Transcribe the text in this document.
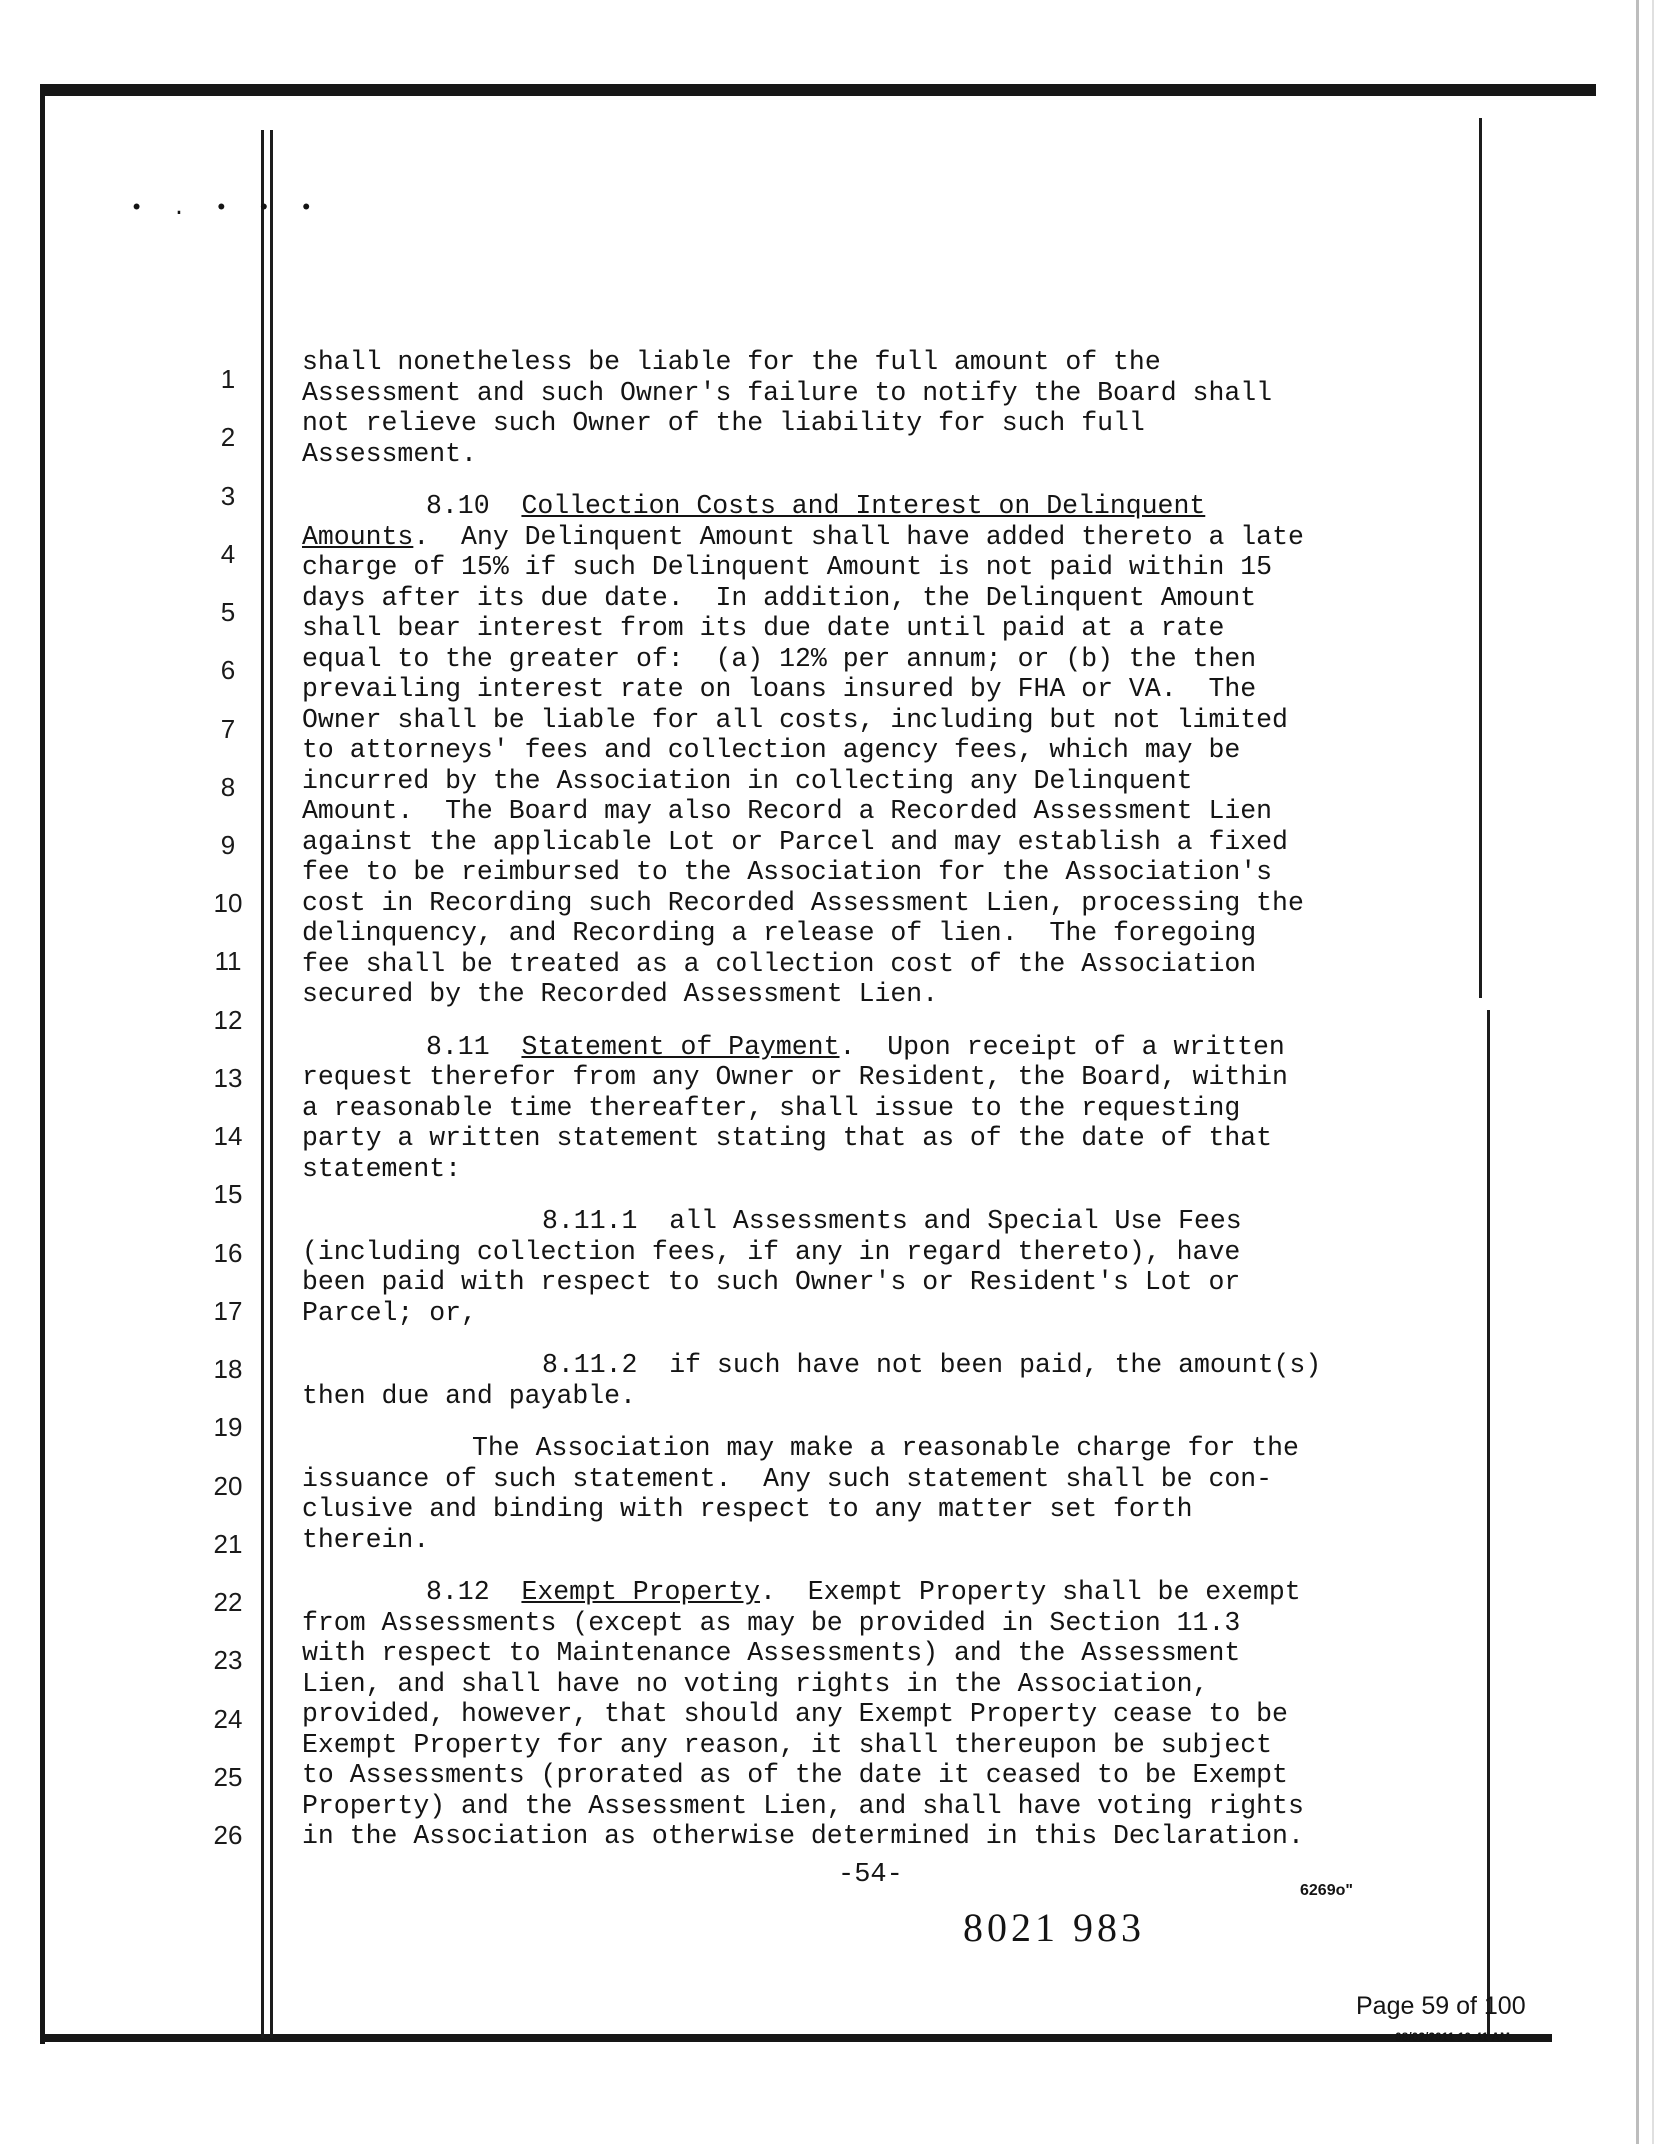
• . • • •
1
2
3
4
5
6
7
8
9
10
11
12
13
14
15
16
17
18
19
20
21
22
23
24
25
26

shall nonetheless be liable for the full amount of the

Assessment and such Owner's failure to notify the Board shall

not relieve such Owner of the liability for such full

Assessment.

8.10 Collection Costs and Interest on Delinquent

Amounts.  Any Delinquent Amount shall have added thereto a late

charge of 15% if such Delinquent Amount is not paid within 15

days after its due date.  In addition, the Delinquent Amount

shall bear interest from its due date until paid at a rate

equal to the greater of:  (a) 12% per annum; or (b) the then

prevailing interest rate on loans insured by FHA or VA.  The

Owner shall be liable for all costs, including but not limited

to attorneys' fees and collection agency fees, which may be

incurred by the Association in collecting any Delinquent

Amount.  The Board may also Record a Recorded Assessment Lien

against the applicable Lot or Parcel and may establish a fixed

fee to be reimbursed to the Association for the Association's

cost in Recording such Recorded Assessment Lien, processing the

delinquency, and Recording a release of lien.  The foregoing

fee shall be treated as a collection cost of the Association

secured by the Recorded Assessment Lien.

8.11 Statement of Payment.  Upon receipt of a written

request therefor from any Owner or Resident, the Board, within

a reasonable time thereafter, shall issue to the requesting

party a written statement stating that as of the date of that

statement:

8.11.1  all Assessments and Special Use Fees

(including collection fees, if any in regard thereto), have

been paid with respect to such Owner's or Resident's Lot or

Parcel; or,

8.11.2  if such have not been paid, the amount(s)

then due and payable.

The Association may make a reasonable charge for the

issuance of such statement.  Any such statement shall be con-

clusive and binding with respect to any matter set forth

therein.

8.12 Exempt Property.  Exempt Property shall be exempt

from Assessments (except as may be provided in Section 11.3

with respect to Maintenance Assessments) and the Assessment

Lien, and shall have no voting rights in the Association,

provided, however, that should any Exempt Property cease to be

Exempt Property for any reason, it shall thereupon be subject

to Assessments (prorated as of the date it ceased to be Exempt

Property) and the Assessment Lien, and shall have voting rights

in the Association as otherwise determined in this Declaration.

-54-
6269o"
8021 983
Page 59 of 100
08/02/2011 10:41 AM
